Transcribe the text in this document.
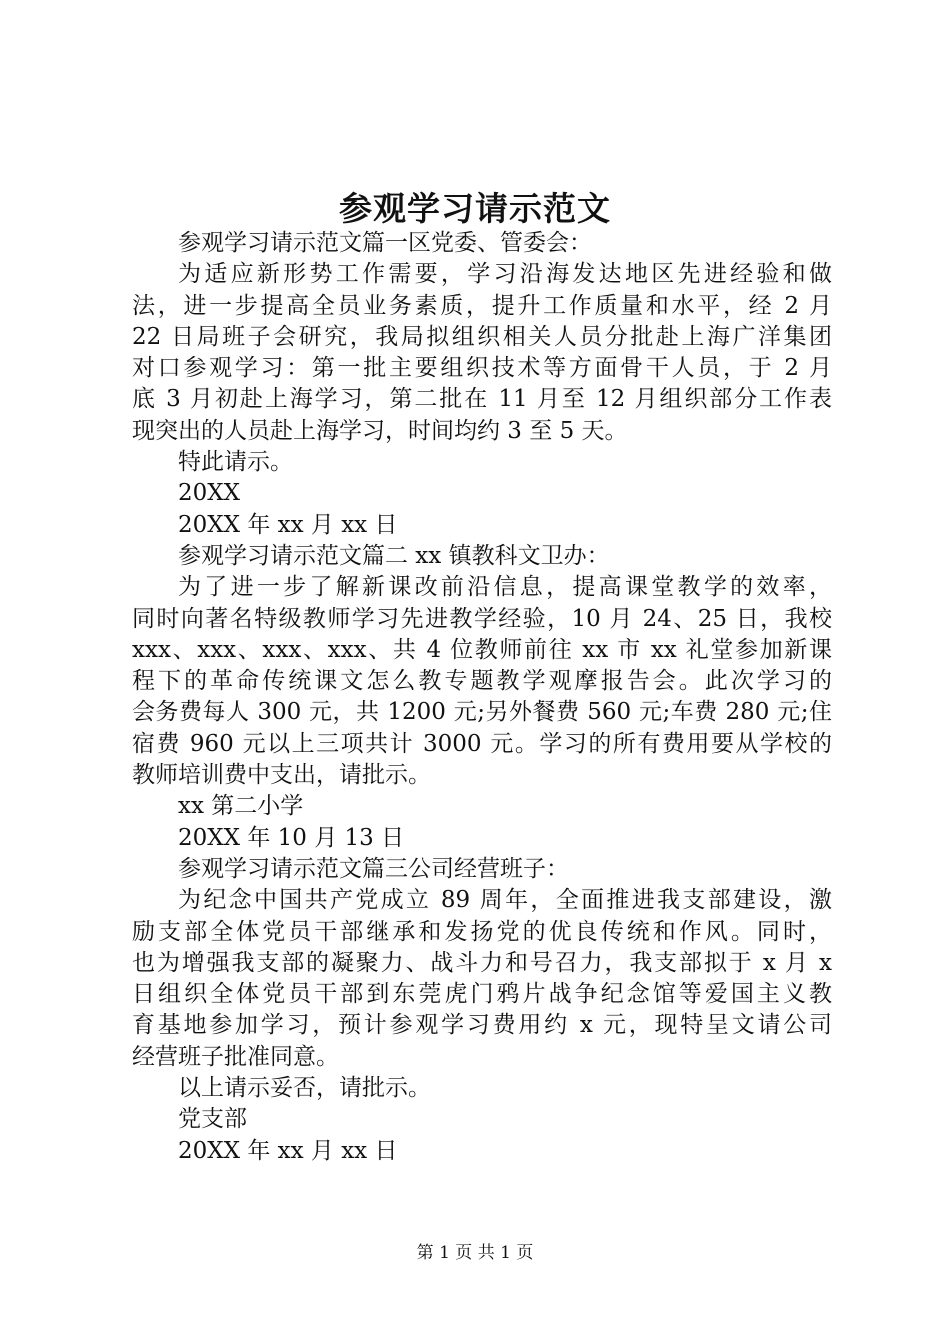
参观学习请示范文
参观学习请示范文篇一区党委、管委会：
为适应新形势工作需要，学习沿海发达地区先进经验和做
法，进一步提高全员业务素质，提升工作质量和水平，经 2 月
22 日局班子会研究，我局拟组织相关人员分批赴上海广洋集团
对口参观学习：第一批主要组织技术等方面骨干人员，于 2 月
底 3 月初赴上海学习，第二批在 11 月至 12 月组织部分工作表
现突出的人员赴上海学习，时间均约 3 至 5 天。
特此请示。
20XX
20XX 年 xx 月 xx 日
参观学习请示范文篇二 xx 镇教科文卫办：
为了进一步了解新课改前沿信息，提高课堂教学的效率，
同时向著名特级教师学习先进教学经验，10 月 24、25 日，我校
xxx、xxx、xxx、xxx、共 4 位教师前往 xx 市 xx 礼堂参加新课
程下的革命传统课文怎么教专题教学观摩报告会。此次学习的
会务费每人 300 元，共 1200 元;另外餐费 560 元;车费 280 元;住
宿费 960 元以上三项共计 3000 元。学习的所有费用要从学校的
教师培训费中支出，请批示。
xx 第二小学
20XX 年 10 月 13 日
参观学习请示范文篇三公司经营班子：
为纪念中国共产党成立 89 周年，全面推进我支部建设，激
励支部全体党员干部继承和发扬党的优良传统和作风。同时，
也为增强我支部的凝聚力、战斗力和号召力，我支部拟于 x 月 x
日组织全体党员干部到东莞虎门鸦片战争纪念馆等爱国主义教
育基地参加学习，预计参观学习费用约 x 元，现特呈文请公司
经营班子批准同意。
以上请示妥否，请批示。
党支部
20XX 年 xx 月 xx 日
第 1 页 共 1 页
